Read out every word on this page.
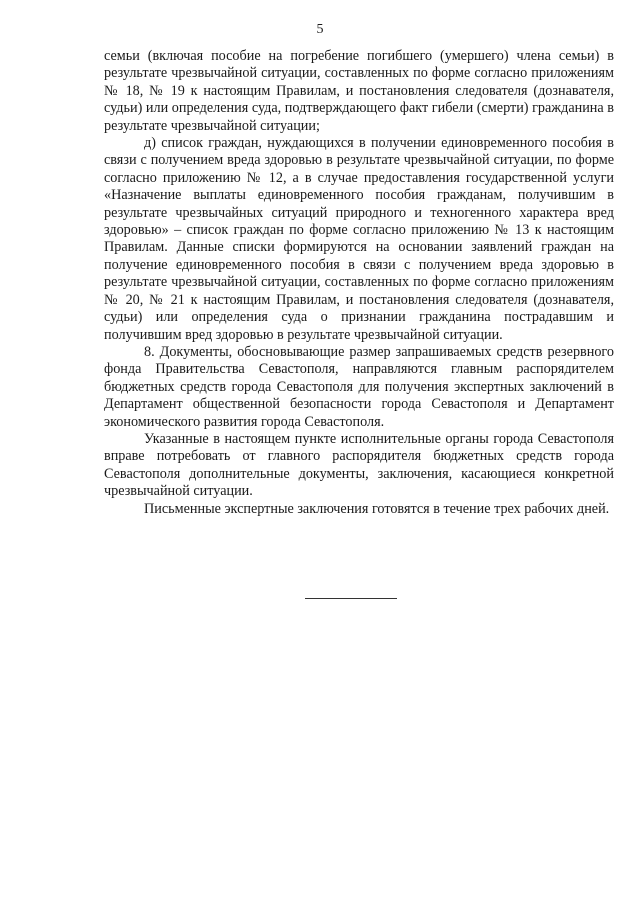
5

семьи (включая пособие на погребение погибшего (умершего) члена семьи) в результате чрезвычайной ситуации, составленных по форме согласно приложениям № 18, № 19 к настоящим Правилам, и постановления следователя (дознавателя, судьи) или определения суда, подтверждающего факт гибели (смерти) гражданина в результате чрезвычайной ситуации;

д) список граждан, нуждающихся в получении единовременного пособия в связи с получением вреда здоровью в результате чрезвычайной ситуации, по форме согласно приложению № 12, а в случае предоставления государственной услуги «Назначение выплаты единовременного пособия гражданам, получившим в результате чрезвычайных ситуаций природного и техногенного характера вред здоровью» – список граждан по форме согласно приложению № 13 к настоящим Правилам. Данные списки формируются на основании заявлений граждан на получение единовременного пособия в связи с получением вреда здоровью в результате чрезвычайной ситуации, составленных по форме согласно приложениям № 20, № 21 к настоящим Правилам, и постановления следователя (дознавателя, судьи) или определения суда о признании гражданина пострадавшим и получившим вред здоровью в результате чрезвычайной ситуации.

8. Документы, обосновывающие размер запрашиваемых средств резервного фонда Правительства Севастополя, направляются главным распорядителем бюджетных средств города Севастополя для получения экспертных заключений в Департамент общественной безопасности города Севастополя и Департамент экономического развития города Севастополя.

Указанные в настоящем пункте исполнительные органы города Севастополя вправе потребовать от главного распорядителя бюджетных средств города Севастополя дополнительные документы, заключения, касающиеся конкретной чрезвычайной ситуации.

Письменные экспертные заключения готовятся в течение трех рабочих дней.
